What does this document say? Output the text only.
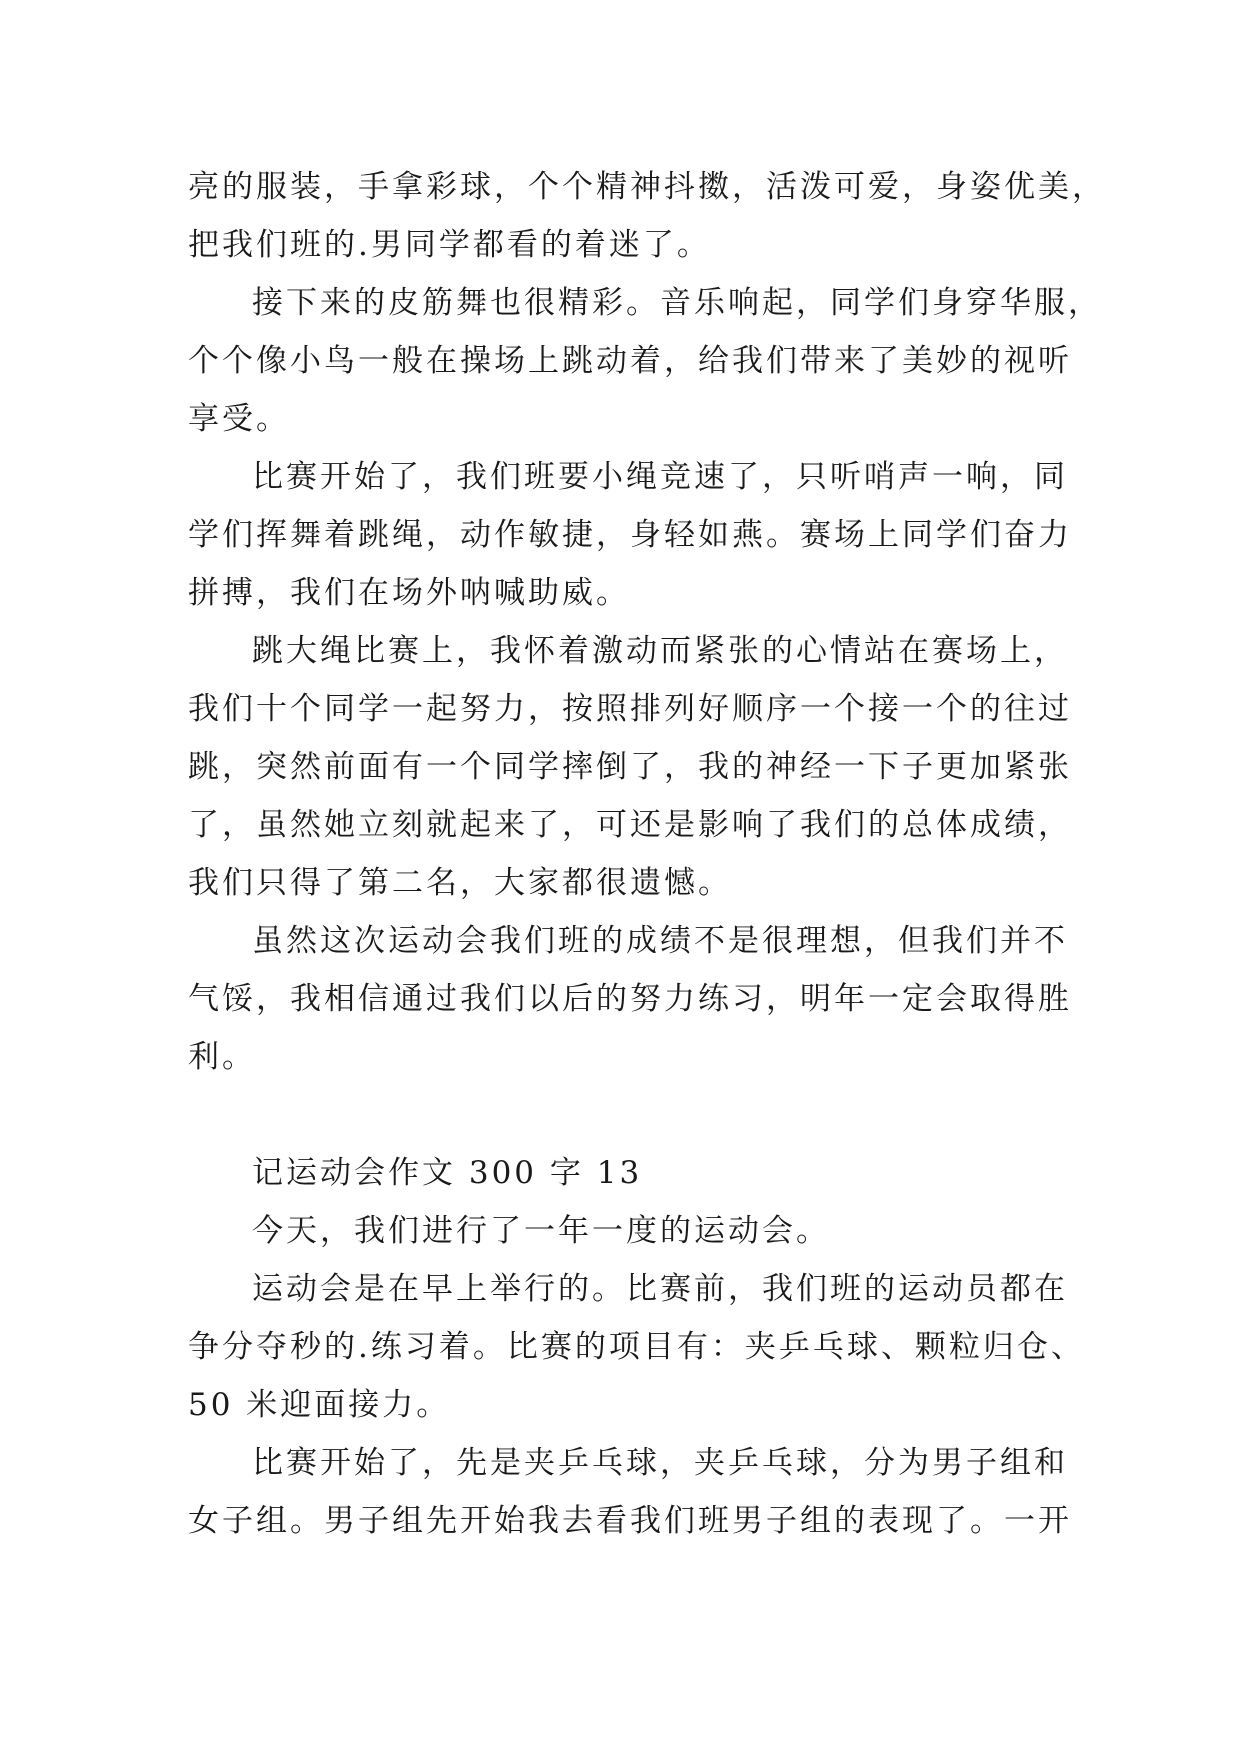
亮的服装，手拿彩球，个个精神抖擞，活泼可爱，身姿优美，

把我们班的.男同学都看的着迷了。

接下来的皮筋舞也很精彩。音乐响起，同学们身穿华服，

个个像小鸟一般在操场上跳动着，给我们带来了美妙的视听

享受。

比赛开始了，我们班要小绳竞速了，只听哨声一响，同

学们挥舞着跳绳，动作敏捷，身轻如燕。赛场上同学们奋力

拼搏，我们在场外呐喊助威。

跳大绳比赛上，我怀着激动而紧张的心情站在赛场上，

我们十个同学一起努力，按照排列好顺序一个接一个的往过

跳，突然前面有一个同学摔倒了，我的神经一下子更加紧张

了，虽然她立刻就起来了，可还是影响了我们的总体成绩，

我们只得了第二名，大家都很遗憾。

虽然这次运动会我们班的成绩不是很理想，但我们并不

气馁，我相信通过我们以后的努力练习，明年一定会取得胜

利。

记运动会作文 300 字 13

今天，我们进行了一年一度的运动会。

运动会是在早上举行的。比赛前，我们班的运动员都在

争分夺秒的.练习着。比赛的项目有：夹乒乓球、颗粒归仓、

50 米迎面接力。

比赛开始了，先是夹乒乓球，夹乒乓球，分为男子组和

女子组。男子组先开始我去看我们班男子组的表现了。一开
